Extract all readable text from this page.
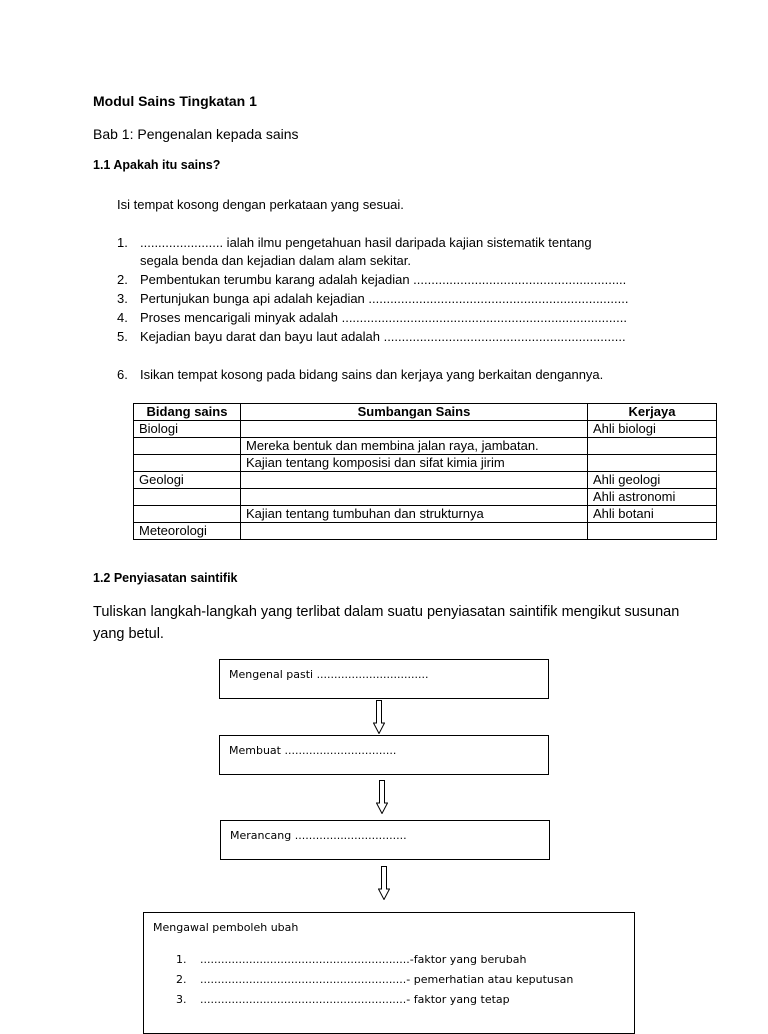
Modul Sains Tingkatan 1
Bab 1: Pengenalan kepada sains
1.1 Apakah itu sains?
Isi tempat kosong dengan perkataan yang sesuai.
1. ....................... ialah ilmu pengetahuan hasil daripada kajian sistematik tentang
segala benda dan kejadian dalam alam sekitar.
2. Pembentukan terumbu karang adalah kejadian ...........................................................
3. Pertunjukan bunga api adalah kejadian ........................................................................
4. Proses mencarigali minyak adalah ...............................................................................
5. Kejadian bayu darat dan bayu laut adalah ...................................................................
6. Isikan tempat kosong pada bidang sains dan kerjaya yang berkaitan dengannya.
Bidang sains	Sumbangan Sains	Kerjaya
Biologi		Ahli biologi
	Mereka bentuk dan membina jalan raya, jambatan.	
	Kajian tentang komposisi dan sifat kimia jirim	
Geologi		Ahli geologi
		Ahli astronomi
	Kajian tentang tumbuhan dan strukturnya	Ahli botani
Meteorologi		
1.2 Penyiasatan saintifik
Tuliskan langkah-langkah yang terlibat dalam suatu penyiasatan saintifik mengikut susunan yang betul.
Mengenal pasti ................................
Membuat ................................
Merancang ................................
Mengawal pemboleh ubah
1. ............................................................-faktor yang berubah
2. ...........................................................- pemerhatian atau keputusan
3. ...........................................................- faktor yang tetap
